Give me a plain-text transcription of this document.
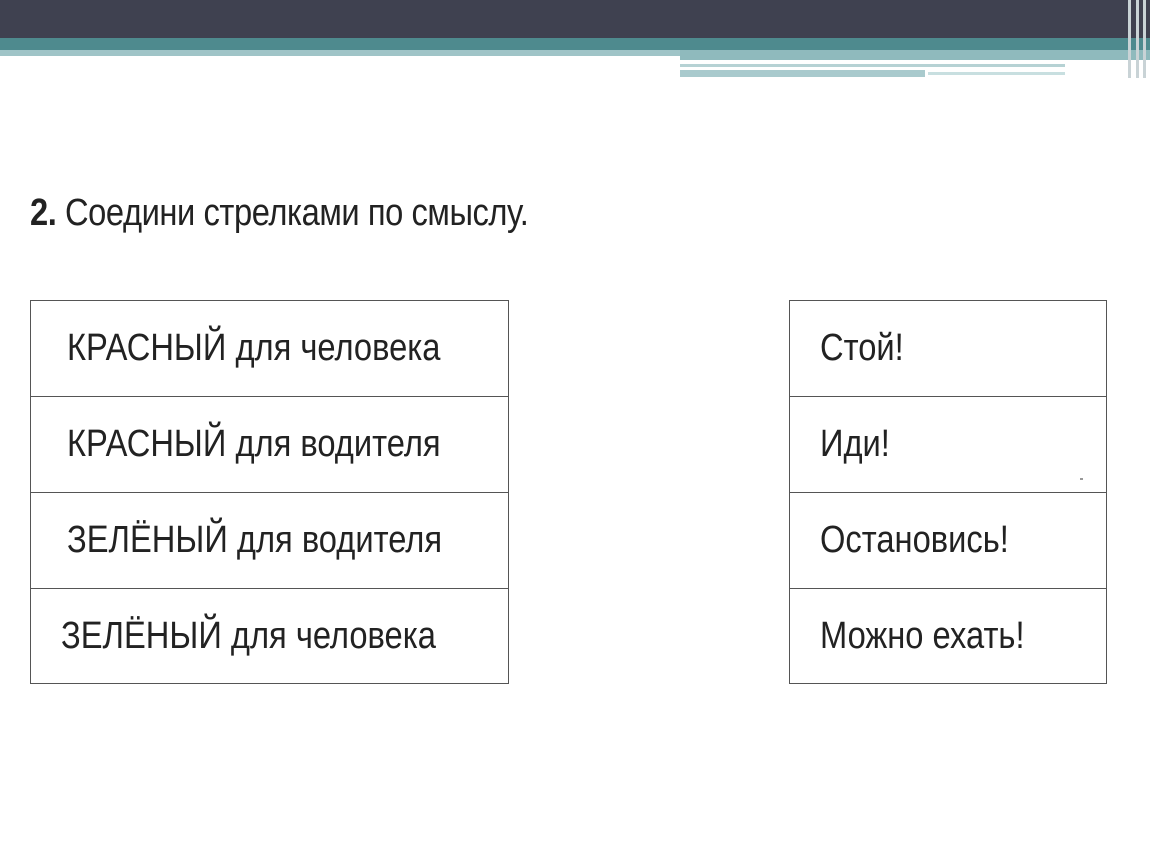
2. Соедини стрелками по смыслу.
КРАСНЫЙ для человека
КРАСНЫЙ для водителя
ЗЕЛЁНЫЙ для водителя
ЗЕЛЁНЫЙ для человека
Стой!
Иди!
Остановись!
Можно ехать!
